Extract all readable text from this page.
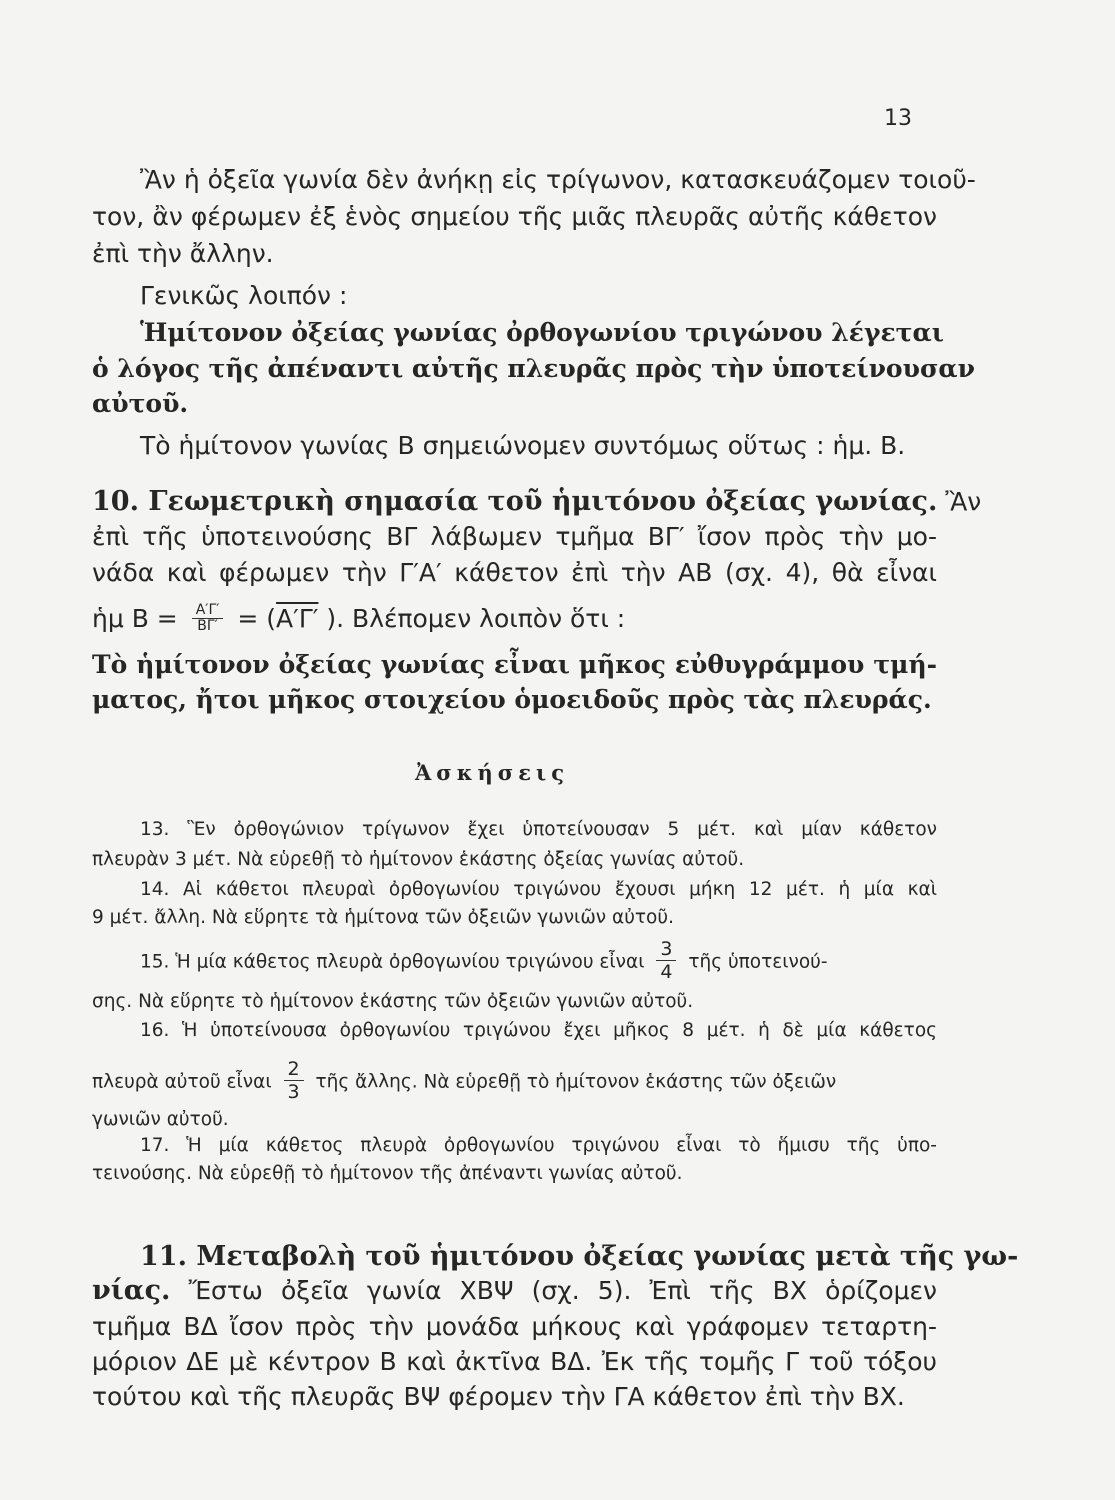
13
Ἂν ἡ ὀξεῖα γωνία δὲν ἀνήκῃ εἰς τρίγωνον, κατασκευάζομεν τοιοῦ-
τον, ἂν φέρωμεν ἐξ ἑνὸς σημείου τῆς μιᾶς πλευρᾶς αὐτῆς κάθετον
ἐπὶ τὴν ἄλλην.
Γενικῶς λοιπόν :
Ἡμίτονον ὀξείας γωνίας ὀρθογωνίου τριγώνου λέγεται
ὁ λόγος τῆς ἀπέναντι αὐτῆς πλευρᾶς πρὸς τὴν ὑποτείνουσαν
αὐτοῦ.
Τὸ ἡμίτονον γωνίας Β σημειώνομεν συντόμως οὕτως : ἡμ. Β.
10. Γεωμετρικὴ σημασία τοῦ ἡμιτόνου ὀξείας γωνίας. Ἂν
ἐπὶ τῆς ὑποτεινούσης ΒΓ λάβωμεν τμῆμα ΒΓ′ ἴσον πρὸς τὴν μο-
νάδα καὶ φέρωμεν τὴν Γ′Α′ κάθετον ἐπὶ τὴν ΑΒ (σχ. 4), θὰ εἶναι
ἡμ $B = \frac{A'\Gamma'}{B\Gamma'} = (A'\Gamma'$ ). Βλέπομεν λοιπὸν ὅτι :
Τὸ ἡμίτονον ὀξείας γωνίας εἶναι μῆκος εὐθυγράμμου τμή-
ματος, ἤτοι μῆκος στοιχείου ὁμοειδοῦς πρὸς τὰς πλευράς.
Ἀσκήσεις
13. Ἓν ὀρθογώνιον τρίγωνον ἔχει ὑποτείνουσαν 5 μέτ. καὶ μίαν κάθετον
πλευρὰν 3 μέτ. Νὰ εὑρεθῇ τὸ ἡμίτονον ἑκάστης ὀξείας γωνίας αὐτοῦ.
14. Αἱ κάθετοι πλευραὶ ὀρθογωνίου τριγώνου ἔχουσι μήκη 12 μέτ. ἡ μία καὶ
9 μέτ. ἄλλη. Νὰ εὕρητε τὰ ἡμίτονα τῶν ὀξειῶν γωνιῶν αὐτοῦ.
15. Ἡ μία κάθετος πλευρὰ ὀρθογωνίου τριγώνου εἶναι $\frac{3}{4}$ τῆς ὑποτεινού-
σης. Νὰ εὕρητε τὸ ἡμίτονον ἑκάστης τῶν ὀξειῶν γωνιῶν αὐτοῦ.
16. Ἡ ὑποτείνουσα ὀρθογωνίου τριγώνου ἔχει μῆκος 8 μέτ. ἡ δὲ μία κάθετος
πλευρὰ αὐτοῦ εἶναι $\frac{2}{3}$ τῆς ἄλλης. Νὰ εὑρεθῇ τὸ ἡμίτονον ἑκάστης τῶν ὀξειῶν
γωνιῶν αὐτοῦ.
17. Ἡ μία κάθετος πλευρὰ ὀρθογωνίου τριγώνου εἶναι τὸ ἥμισυ τῆς ὑπο-
τεινούσης. Νὰ εὑρεθῇ τὸ ἡμίτονον τῆς ἀπέναντι γωνίας αὐτοῦ.
11. Μεταβολὴ τοῦ ἡμιτόνου ὀξείας γωνίας μετὰ τῆς γω-
νίας. Ἔστω ὀξεῖα γωνία ΧΒΨ (σχ. 5). Ἐπὶ τῆς ΒΧ ὁρίζομεν
τμῆμα ΒΔ ἴσον πρὸς τὴν μονάδα μήκους καὶ γράφομεν τεταρτη-
μόριον ΔΕ μὲ κέντρον Β καὶ ἀκτῖνα ΒΔ. Ἐκ τῆς τομῆς Γ τοῦ τόξου
τούτου καὶ τῆς πλευρᾶς ΒΨ φέρομεν τὴν ΓΑ κάθετον ἐπὶ τὴν ΒΧ.
